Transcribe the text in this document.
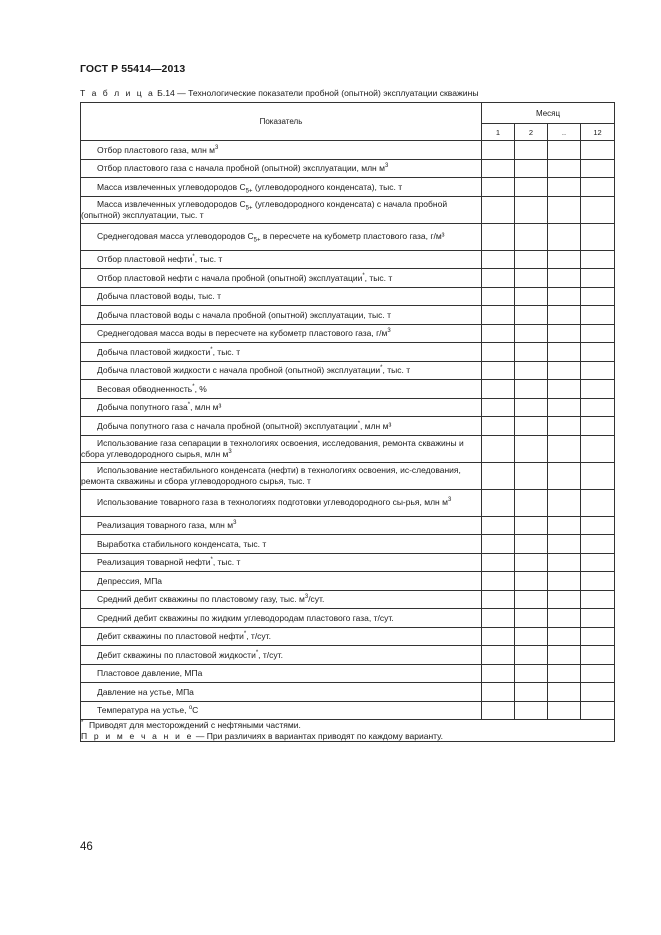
ГОСТ Р 55414—2013
Т а б л и ц а Б.14 — Технологические показатели пробной (опытной) эксплуатации скважины
Показатель	Месяц			
	1	2	..	12
Отбор пластового газа, млн $м^3$				
Отбор пластового газа с начала пробной (опытной) эксплуатации, млн $м^3$				
Масса извлеченных углеводородов $С_{5+}$ (углеводородного конденсата), тыс. т				
Масса извлеченных углеводородов $С_{5+}$ (углеводородного конденсата) с начала пробной (опытной) эксплуатации, тыс. т				
Среднегодовая масса углеводородов $С_{5+}$ в пересчете на кубометр пластового газа, г/м³				
Отбор пластовой нефти*, тыс. т				
Отбор пластовой нефти с начала пробной (опытной) эксплуатации*, тыс. т				
Добыча пластовой воды, тыс. т				
Добыча пластовой воды с начала пробной (опытной) эксплуатации, тыс. т				
Среднегодовая масса воды в пересчете на кубометр пластового газа, $г/м^3$				
Добыча пластовой жидкости*, тыс. т				
Добыча пластовой жидкости с начала пробной (опытной) эксплуатации*, тыс. т				
Весовая обводненность*, %				
Добыча попутного газа*, млн м³				
Добыча попутного газа с начала пробной (опытной) эксплуатации*, млн м³				
Использование газа сепарации в технологиях освоения, исследования, ремонта скважины и сбора углеводородного сырья, млн $м^3$				
Использование нестабильного конденсата (нефти) в технологиях освоения, ис-следования, ремонта скважины и сбора углеводородного сырья, тыс. т				
Использование товарного газа в технологиях подготовки углеводородного сы-рья, млн $м^3$				
Реализация товарного газа, млн $м^3$				
Выработка стабильного конденсата, тыс. т				
Реализация товарной нефти*, тыс. т				
Депрессия, МПа				
Средний дебит скважины по пластовому газу, тыс. $м^3$/сут.				
Средний дебит скважины по жидким углеводородам пластового газа, т/сут.				
Дебит скважины по пластовой нефти*, т/сут.				
Дебит скважины по пластовой жидкости*, т/сут.				
Пластовое давление, МПа				
Давление на устье, МПа				
Температура на устье, $^о$С				

* Приводят для месторождений с нефтяными частями.
П р и м е ч а н и е — При различиях в вариантах приводят по каждому варианту.				
46
